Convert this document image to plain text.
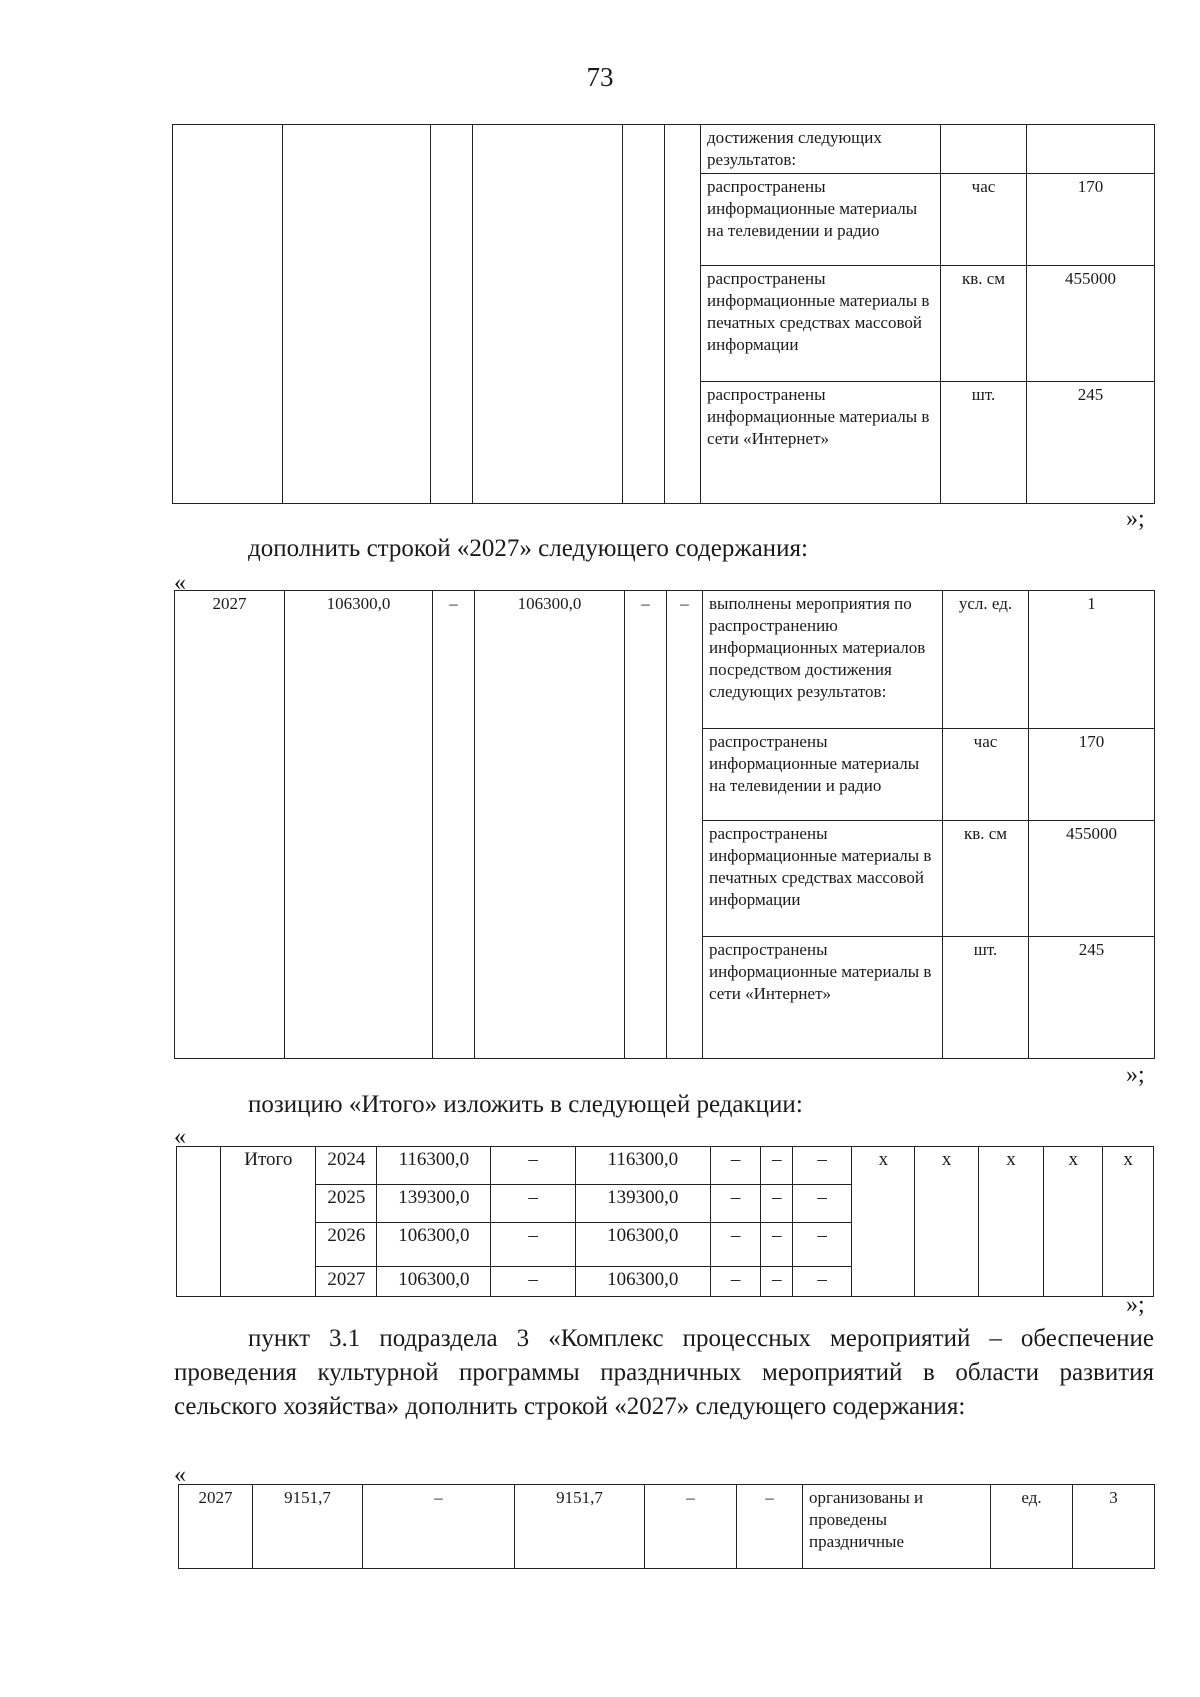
73
						достижения следующих результатов:		
						распространены информационные материалы на телевидении и радио	час	170
						распространены информационные материалы в печатных средствах массовой информации	кв. см	455000
						распространены информационные материалы в сети «Интернет»	шт.	245
»;
дополнить строкой «2027» следующего содержания:
«
2027	106300,0	–	106300,0	–	–	выполнены мероприятия по распространению информационных материалов посредством достижения следующих результатов:	усл. ед.	1
						распространены информационные материалы на телевидении и радио	час	170
						распространены информационные материалы в печатных средствах массовой информации	кв. см	455000
						распространены информационные материалы в сети «Интернет»	шт.	245
»;
позицию «Итого» изложить в следующей редакции:
«
	Итого	2024	116300,0	–	116300,0	–	–	–	x	x	x	x	x
		2025	139300,0	–	139300,0	–	–	–					
		2026	106300,0	–	106300,0	–	–	–					
		2027	106300,0	–	106300,0	–	–	–					
»;
пункт 3.1 подраздела 3 «Комплекс процессных мероприятий – обеспечение проведения культурной программы праздничных мероприятий в области развития сельского хозяйства» дополнить строкой «2027» следующего содержания:
«
2027	9151,7	–	9151,7	–	–	организованы и проведены праздничные	ед.	3
